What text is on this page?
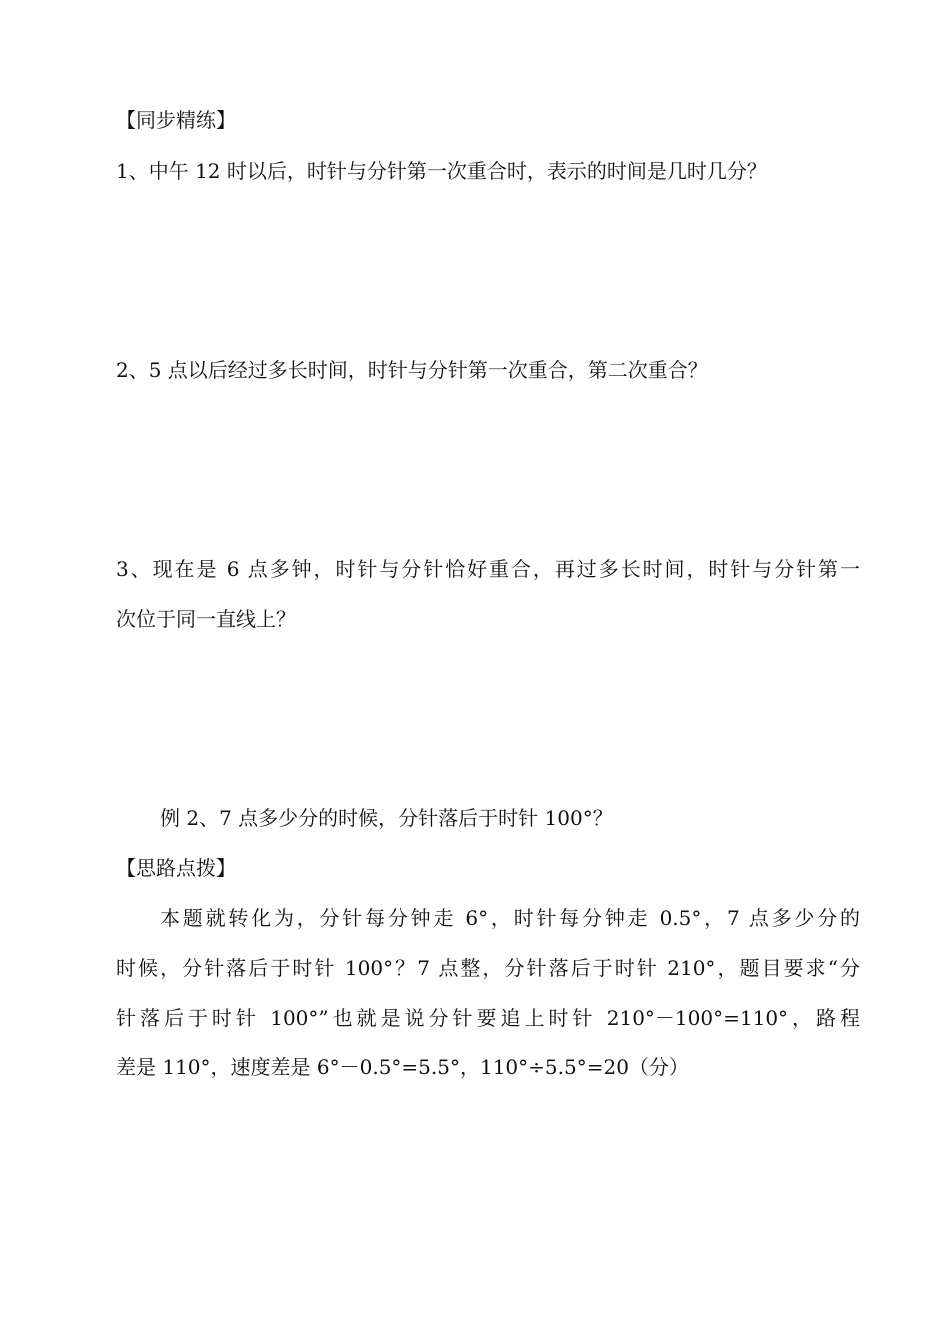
【同步精练】
1、中午 12 时以后，时针与分针第一次重合时，表示的时间是几时几分？
2、5 点以后经过多长时间，时针与分针第一次重合，第二次重合？
3、现在是 6 点多钟，时针与分针恰好重合，再过多长时间，时针与分针第一
次位于同一直线上？
例 2、7 点多少分的时候，分针落后于时针 100°？
【思路点拨】
本题就转化为，分针每分钟走 6°，时针每分钟走 0.5°，7 点多少分的
时候，分针落后于时针 100°？7 点整，分针落后于时针 210°，题目要求“分
针落后于时针 100°”也就是说分针要追上时针 210°－100°=110°，路程
差是 110°，速度差是 6°－0.5°=5.5°，110°÷5.5°=20（分）
